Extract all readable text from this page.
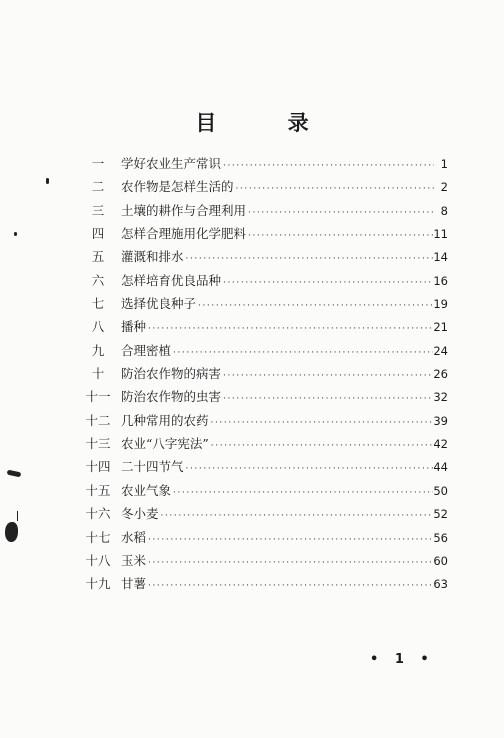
目 录
一	学好农业生产常识 ·····	1
二	农作物是怎样生活的 ·····	2
三	土壤的耕作与合理利用 ·····	8
四	怎样合理施用化学肥料 ·····	11
五	灌溉和排水 ·····	14
六	怎样培育优良品种 ·····	16
七	选择优良种子 ·····	19
八	播种 ·····	21
九	合理密植 ·····	24
十	防治农作物的病害 ·····	26
十一 防治农作物的虫害 ·····	32
十二 几种常用的农药 ·····	39
十三 农业“八字宪法” ·····	42
十四 二十四节气 ·····	44
十五 农业气象 ·····	50
十六 冬小麦 ·····	52
十七 水稻 ·····	56
十八 玉米 ·····	60
十九 甘薯 ·····	63
• 1 •
